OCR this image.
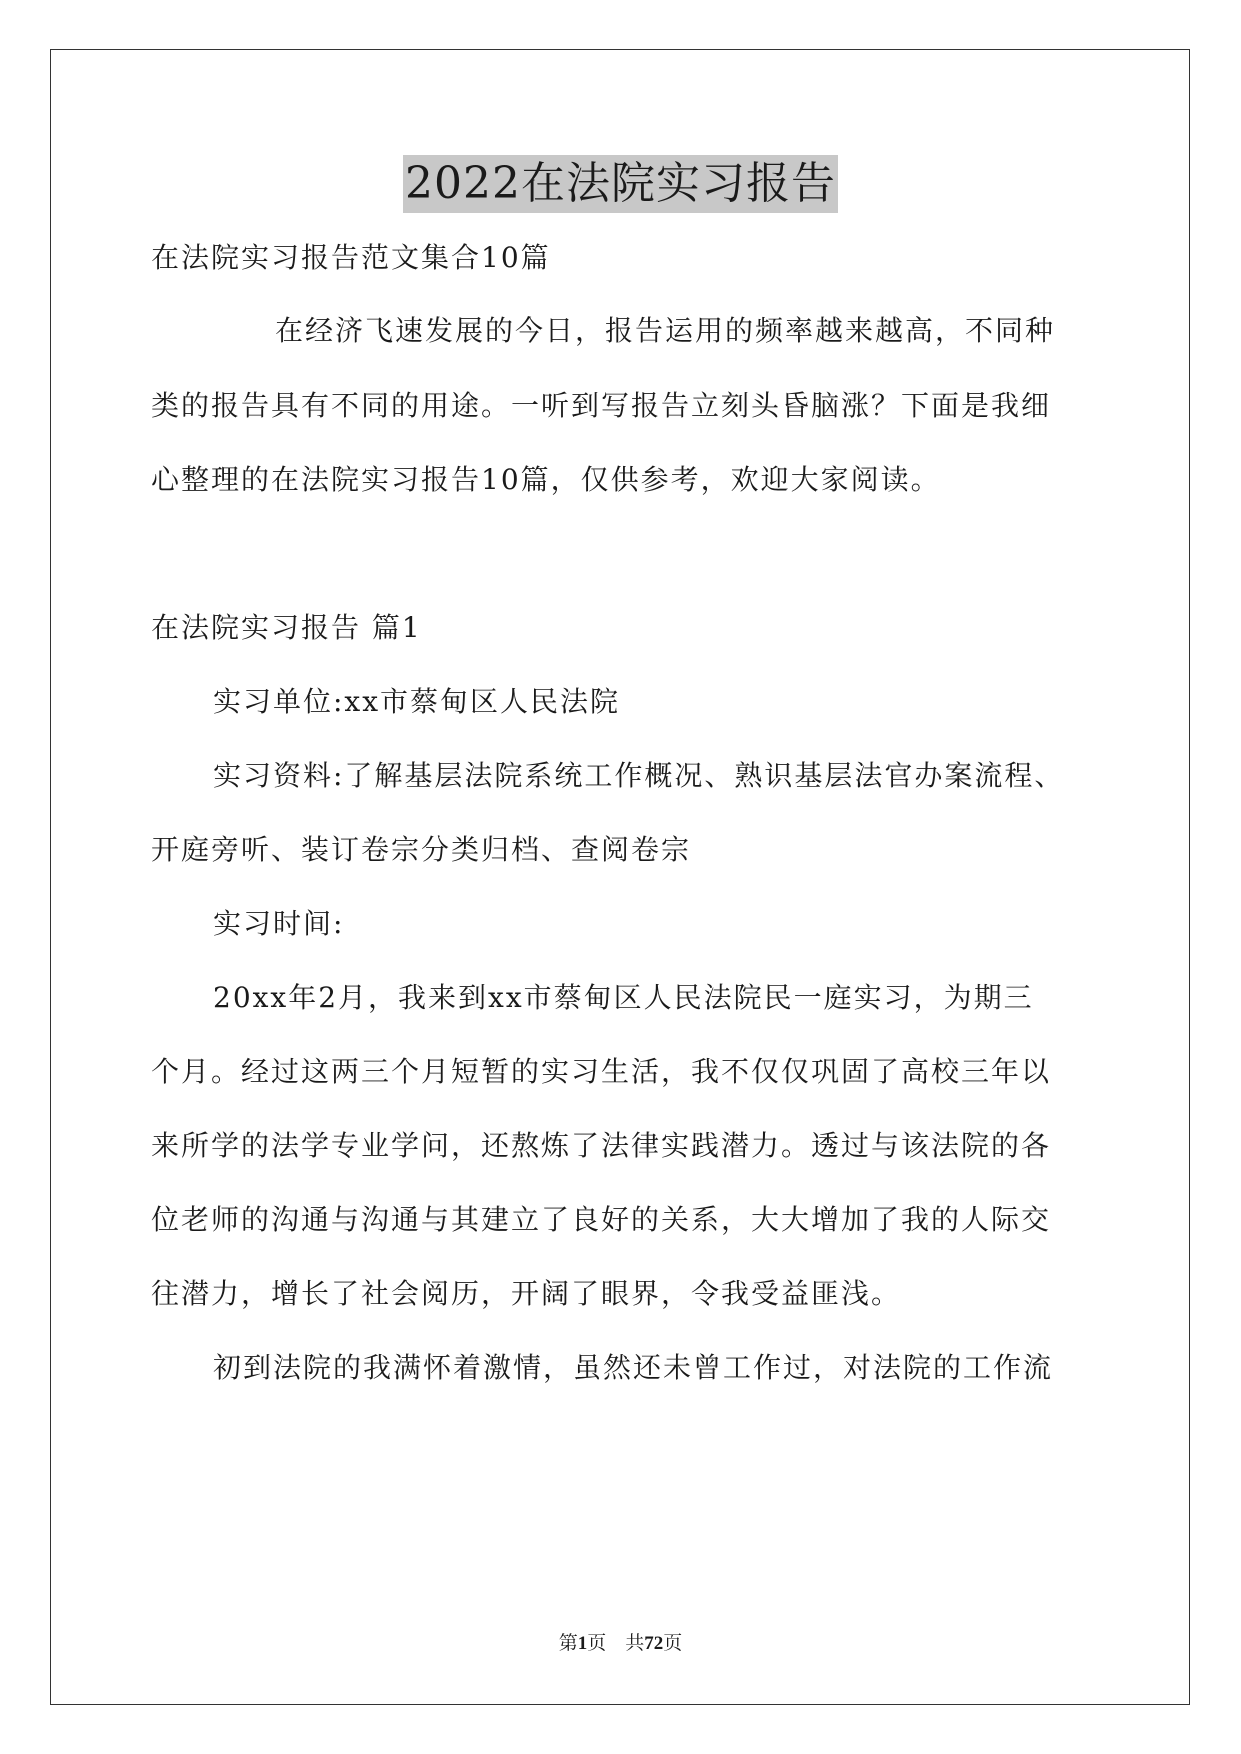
2022在法院实习报告
在法院实习报告范文集合10篇
在经济飞速发展的今日，报告运用的频率越来越高，不同种
类的报告具有不同的用途。一听到写报告立刻头昏脑涨？下面是我细
心整理的在法院实习报告10篇，仅供参考，欢迎大家阅读。
在法院实习报告 篇1
实习单位:xx市蔡甸区人民法院
实习资料:了解基层法院系统工作概况、熟识基层法官办案流程、
开庭旁听、装订卷宗分类归档、查阅卷宗
实习时间:
20xx年2月，我来到xx市蔡甸区人民法院民一庭实习，为期三
个月。经过这两三个月短暂的实习生活，我不仅仅巩固了高校三年以
来所学的法学专业学问，还熬炼了法律实践潜力。透过与该法院的各
位老师的沟通与沟通与其建立了良好的关系，大大增加了我的人际交
往潜力，增长了社会阅历，开阔了眼界，令我受益匪浅。
初到法院的我满怀着激情，虽然还未曾工作过，对法院的工作流
第1页　共72页
